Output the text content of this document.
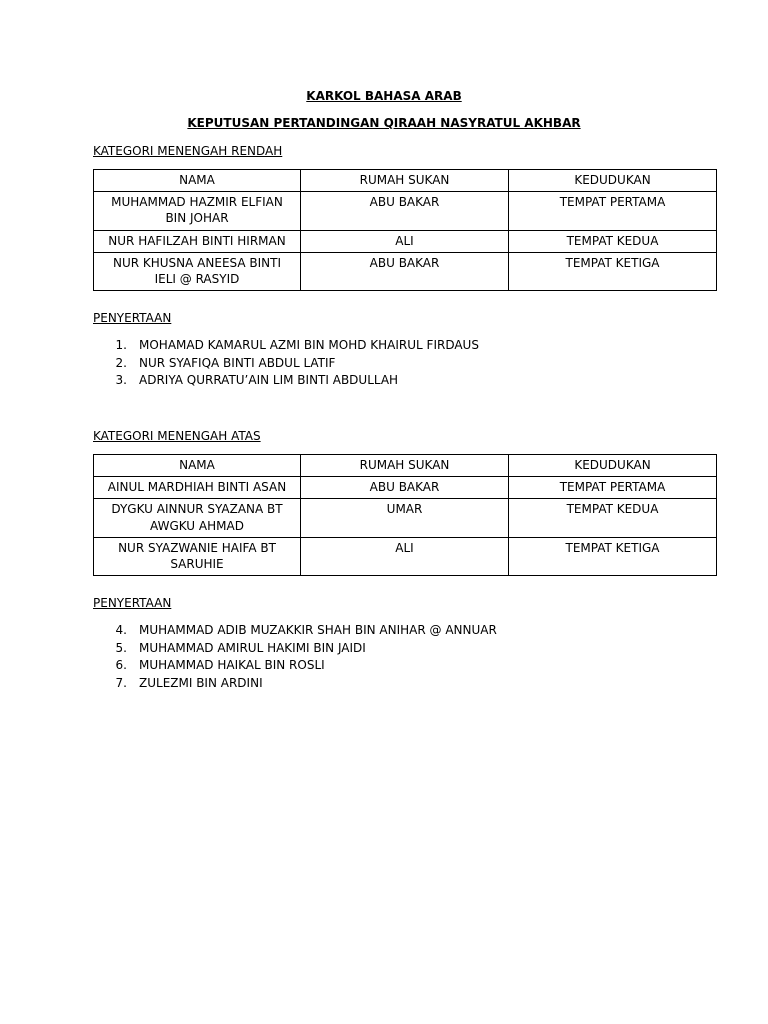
KARKOL BAHASA ARAB
KEPUTUSAN PERTANDINGAN QIRAAH NASYRATUL AKHBAR
KATEGORI MENENGAH RENDAH
NAMA	RUMAH SUKAN	KEDUDUKAN
MUHAMMAD HAZMIR ELFIAN BIN JOHAR	ABU BAKAR	TEMPAT PERTAMA
NUR HAFILZAH BINTI HIRMAN	ALI	TEMPAT KEDUA
NUR KHUSNA ANEESA BINTI IELI @ RASYID	ABU BAKAR	TEMPAT KETIGA
PENYERTAAN
1. MOHAMAD KAMARUL AZMI BIN MOHD KHAIRUL FIRDAUS
2. NUR SYAFIQA BINTI ABDUL LATIF
3. ADRIYA QURRATU’AIN LIM BINTI ABDULLAH
KATEGORI MENENGAH ATAS
NAMA	RUMAH SUKAN	KEDUDUKAN
AINUL MARDHIAH BINTI ASAN	ABU BAKAR	TEMPAT PERTAMA
DYGKU AINNUR SYAZANA BT AWGKU AHMAD	UMAR	TEMPAT KEDUA
NUR SYAZWANIE HAIFA BT SARUHIE	ALI	TEMPAT KETIGA
PENYERTAAN
4. MUHAMMAD ADIB MUZAKKIR SHAH BIN ANIHAR @ ANNUAR
5. MUHAMMAD AMIRUL HAKIMI BIN JAIDI
6. MUHAMMAD HAIKAL BIN ROSLI
7. ZULEZMI BIN ARDINI
